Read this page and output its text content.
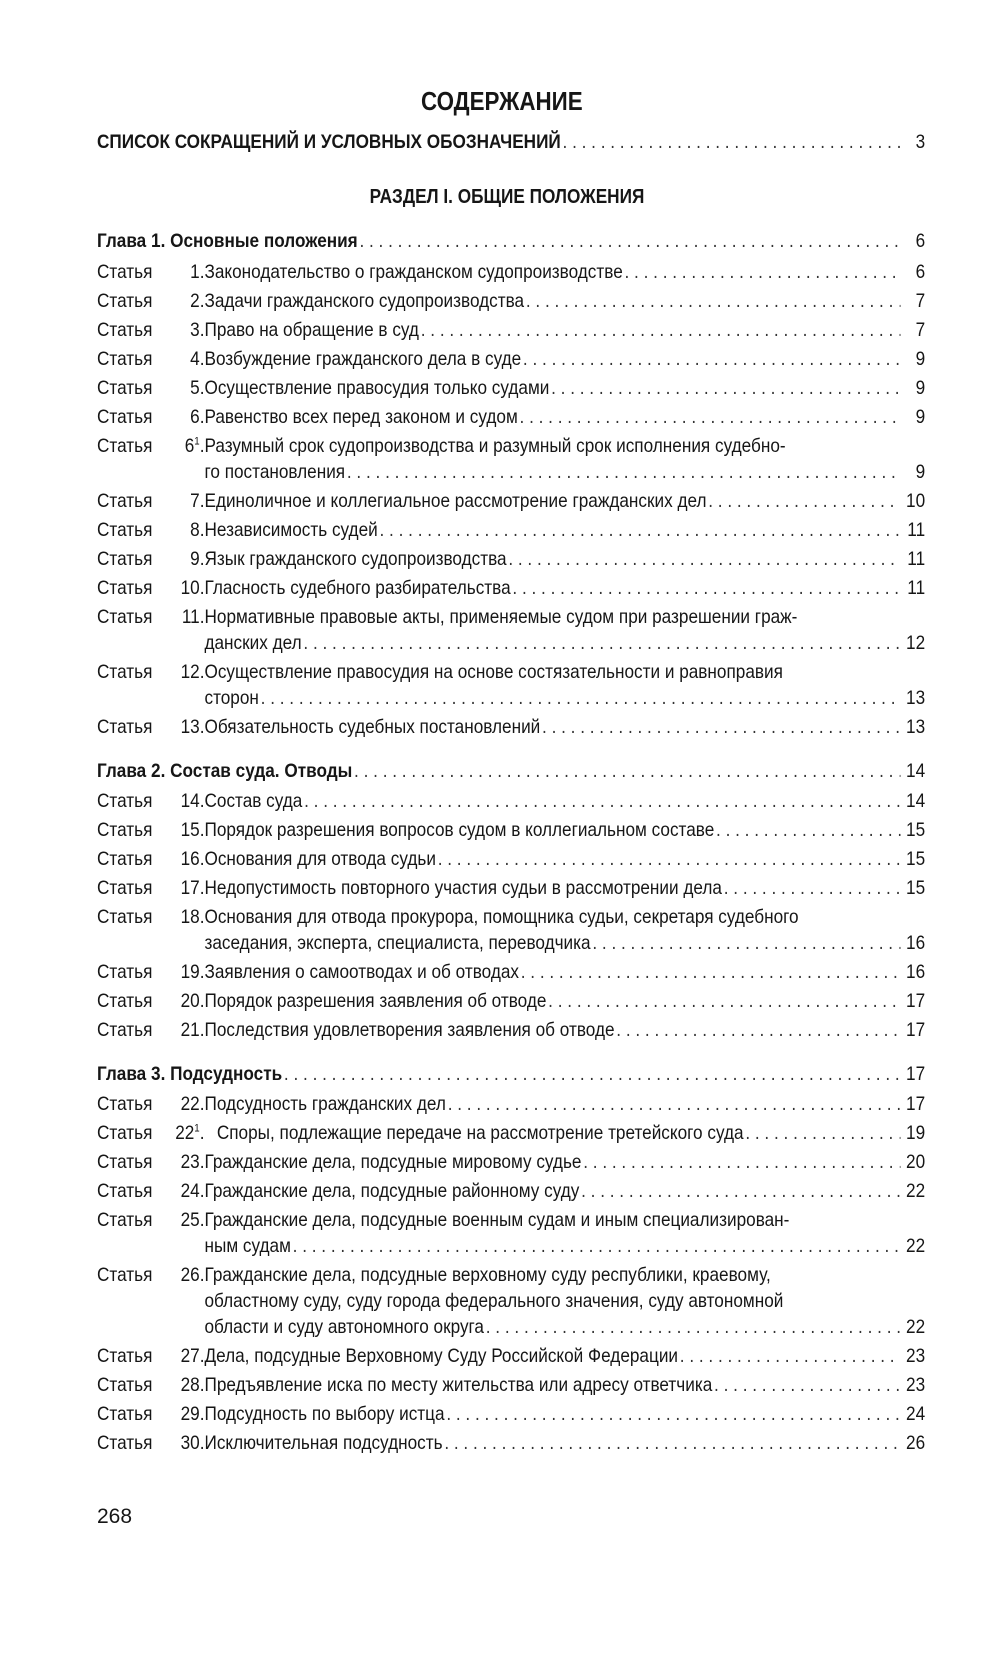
СОДЕРЖАНИЕ
СПИСОК СОКРАЩЕНИЙ И УСЛОВНЫХ ОБОЗНАЧЕНИЙ . . .	3
РАЗДЕЛ I. ОБЩИЕ ПОЛОЖЕНИЯ
Глава 1. Основные положения . . .	6
Статья 1. Законодательство о гражданском судопроизводстве . . .	6
Статья 2. Задачи гражданского судопроизводства . . .	7
Статья 3. Право на обращение в суд . . .	7
Статья 4. Возбуждение гражданского дела в суде . . .	9
Статья 5. Осуществление правосудия только судами . . .	9
Статья 6. Равенство всех перед законом и судом . . .	9
Статья $6^1$. Разумный срок судопроизводства и разумный срок исполнения судебно-
го постановления . . .	9
Статья 7. Единоличное и коллегиальное рассмотрение гражданских дел . . .	10
Статья 8. Независимость судей . . .	11
Статья 9. Язык гражданского судопроизводства . . .	11
Статья 10. Гласность судебного разбирательства . . .	11
Статья 11. Нормативные правовые акты, применяемые судом при разрешении граж-
данских дел . . .	12
Статья 12. Осуществление правосудия на основе состязательности и равноправия
сторон . . .	13
Статья 13. Обязательность судебных постановлений . . .	13
Глава 2. Состав суда. Отводы . . .	14
Статья 14. Состав суда . . .	14
Статья 15. Порядок разрешения вопросов судом в коллегиальном составе . . .	15
Статья 16. Основания для отвода судьи . . .	15
Статья 17. Недопустимость повторного участия судьи в рассмотрении дела . . .	15
Статья 18. Основания для отвода прокурора, помощника судьи, секретаря судебного
заседания, эксперта, специалиста, переводчика . . .	16
Статья 19. Заявления о самоотводах и об отводах . . .	16
Статья 20. Порядок разрешения заявления об отводе . . .	17
Статья 21. Последствия удовлетворения заявления об отводе . . .	17
Глава 3. Подсудность . . .	17
Статья 22. Подсудность гражданских дел . . .	17
Статья $22^1$. Споры, подлежащие передаче на рассмотрение третейского суда . . .	19
Статья 23. Гражданские дела, подсудные мировому судье . . .	20
Статья 24. Гражданские дела, подсудные районному суду . . .	22
Статья 25. Гражданские дела, подсудные военным судам и иным специализирован-
ным судам . . .	22
Статья 26. Гражданские дела, подсудные верховному суду республики, краевому,
областному суду, суду города федерального значения, суду автономной
области и суду автономного округа . . .	22
Статья 27. Дела, подсудные Верховному Суду Российской Федерации . . .	23
Статья 28. Предъявление иска по месту жительства или адресу ответчика . . .	23
Статья 29. Подсудность по выбору истца . . .	24
Статья 30. Исключительная подсудность . . .	26
268
